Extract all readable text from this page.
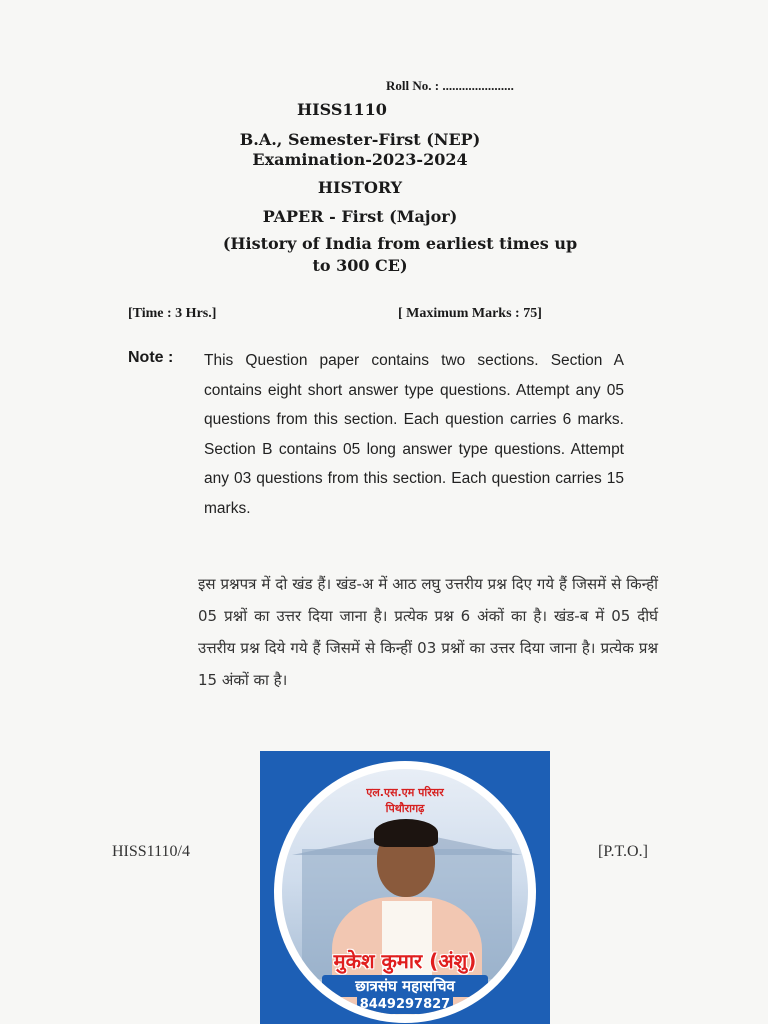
Roll No. : ......................
HISS1110
B.A., Semester-First (NEP)
Examination-2023-2024
HISTORY
PAPER - First (Major)
(History of India from earliest times up
to 300 CE)
[Time : 3 Hrs.]	[ Maximum Marks : 75]
Note : This Question paper contains two sections. Section A contains eight short answer type questions. Attempt any 05 questions from this section. Each question carries 6 marks. Section B contains 05 long answer type questions. Attempt any 03 questions from this section. Each question carries 15 marks.
इस प्रश्नपत्र में दो खंड हैं। खंड-अ में आठ लघु उत्तरीय प्रश्न दिए गये हैं जिसमें से किन्हीं 05 प्रश्नों का उत्तर दिया जाना है। प्रत्येक प्रश्न 6 अंकों का है। खंड-ब में 05 दीर्घ उत्तरीय प्रश्न दिये गये हैं जिसमें से किन्हीं 03 प्रश्नों का उत्तर दिया जाना है। प्रत्येक प्रश्न 15 अंकों का है।
HISS1110/4	[P.T.O.]
एल.एस.एम परिसर
पिथौरागढ़
मुकेश कुमार (अंशु)
छात्रसंघ महासचिव
8449297827
